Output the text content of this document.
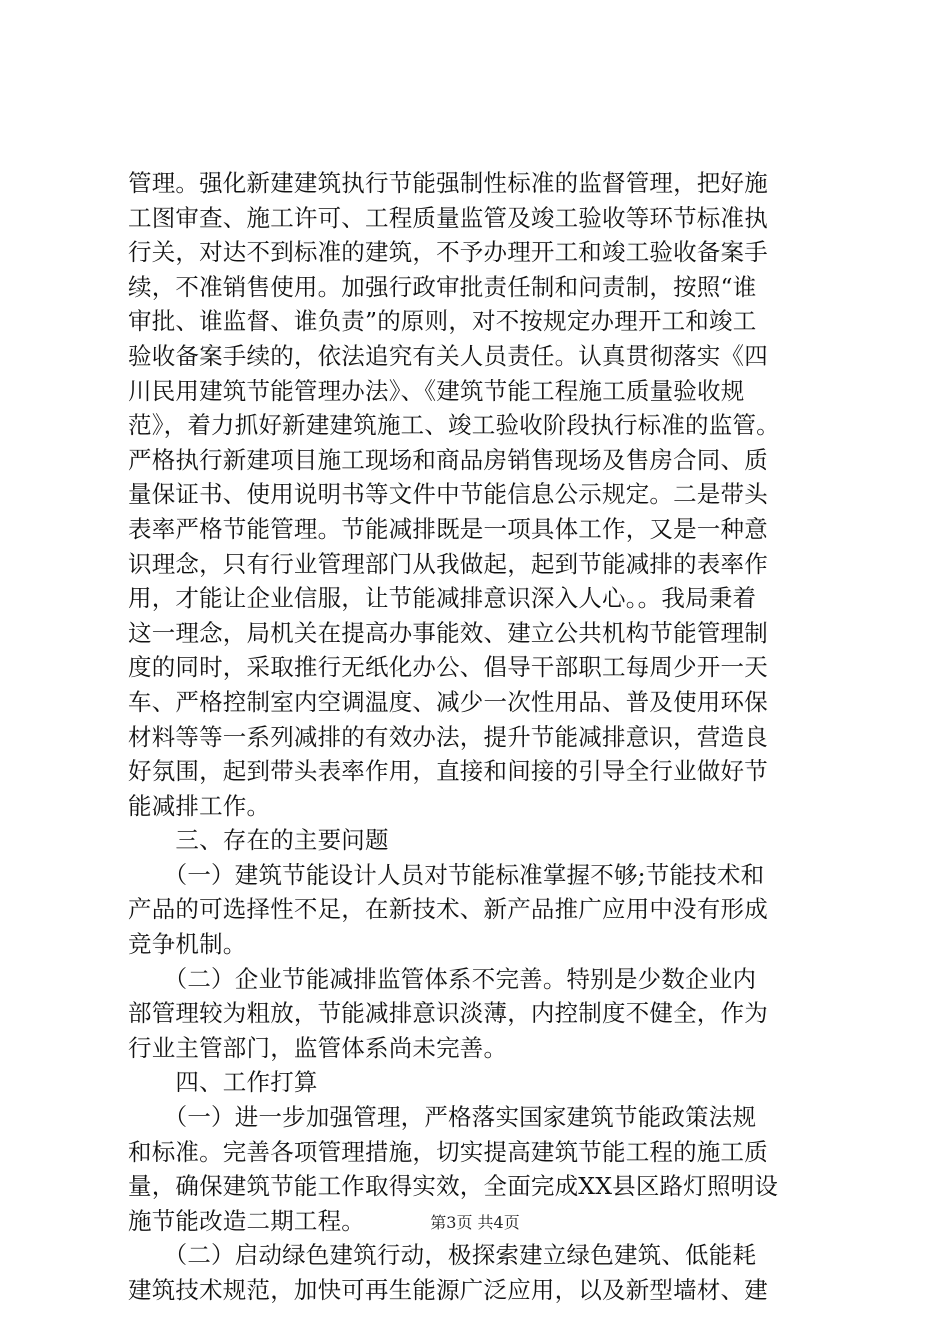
管理。强化新建建筑执行节能强制性标准的监督管理，把好施
工图审查、施工许可、工程质量监管及竣工验收等环节标准执
行关，对达不到标准的建筑，不予办理开工和竣工验收备案手
续，不准销售使用。加强行政审批责任制和问责制，按照“谁
审批、谁监督、谁负责”的原则，对不按规定办理开工和竣工
验收备案手续的，依法追究有关人员责任。认真贯彻落实《四
川民用建筑节能管理办法》、《建筑节能工程施工质量验收规
范》，着力抓好新建建筑施工、竣工验收阶段执行标准的监管。
严格执行新建项目施工现场和商品房销售现场及售房合同、质
量保证书、使用说明书等文件中节能信息公示规定。二是带头
表率严格节能管理。节能减排既是一项具体工作，又是一种意
识理念，只有行业管理部门从我做起，起到节能减排的表率作
用，才能让企业信服，让节能减排意识深入人心。。我局秉着
这一理念，局机关在提高办事能效、建立公共机构节能管理制
度的同时，采取推行无纸化办公、倡导干部职工每周少开一天
车、严格控制室内空调温度、减少一次性用品、普及使用环保
材料等等一系列减排的有效办法，提升节能减排意识，营造良
好氛围，起到带头表率作用，直接和间接的引导全行业做好节
能减排工作。
　　三、存在的主要问题
　　（一）建筑节能设计人员对节能标准掌握不够;节能技术和
产品的可选择性不足，在新技术、新产品推广应用中没有形成
竞争机制。
　　（二）企业节能减排监管体系不完善。特别是少数企业内
部管理较为粗放，节能减排意识淡薄，内控制度不健全，作为
行业主管部门，监管体系尚未完善。
　　四、工作打算
　　（一）进一步加强管理，严格落实国家建筑节能政策法规
和标准。完善各项管理措施，切实提高建筑节能工程的施工质
量，确保建筑节能工作取得实效，全面完成XX县区路灯照明设
施节能改造二期工程。
　　（二）启动绿色建筑行动，极探索建立绿色建筑、低能耗
建筑技术规范，加快可再生能源广泛应用，以及新型墙材、建
第3页 共4页
